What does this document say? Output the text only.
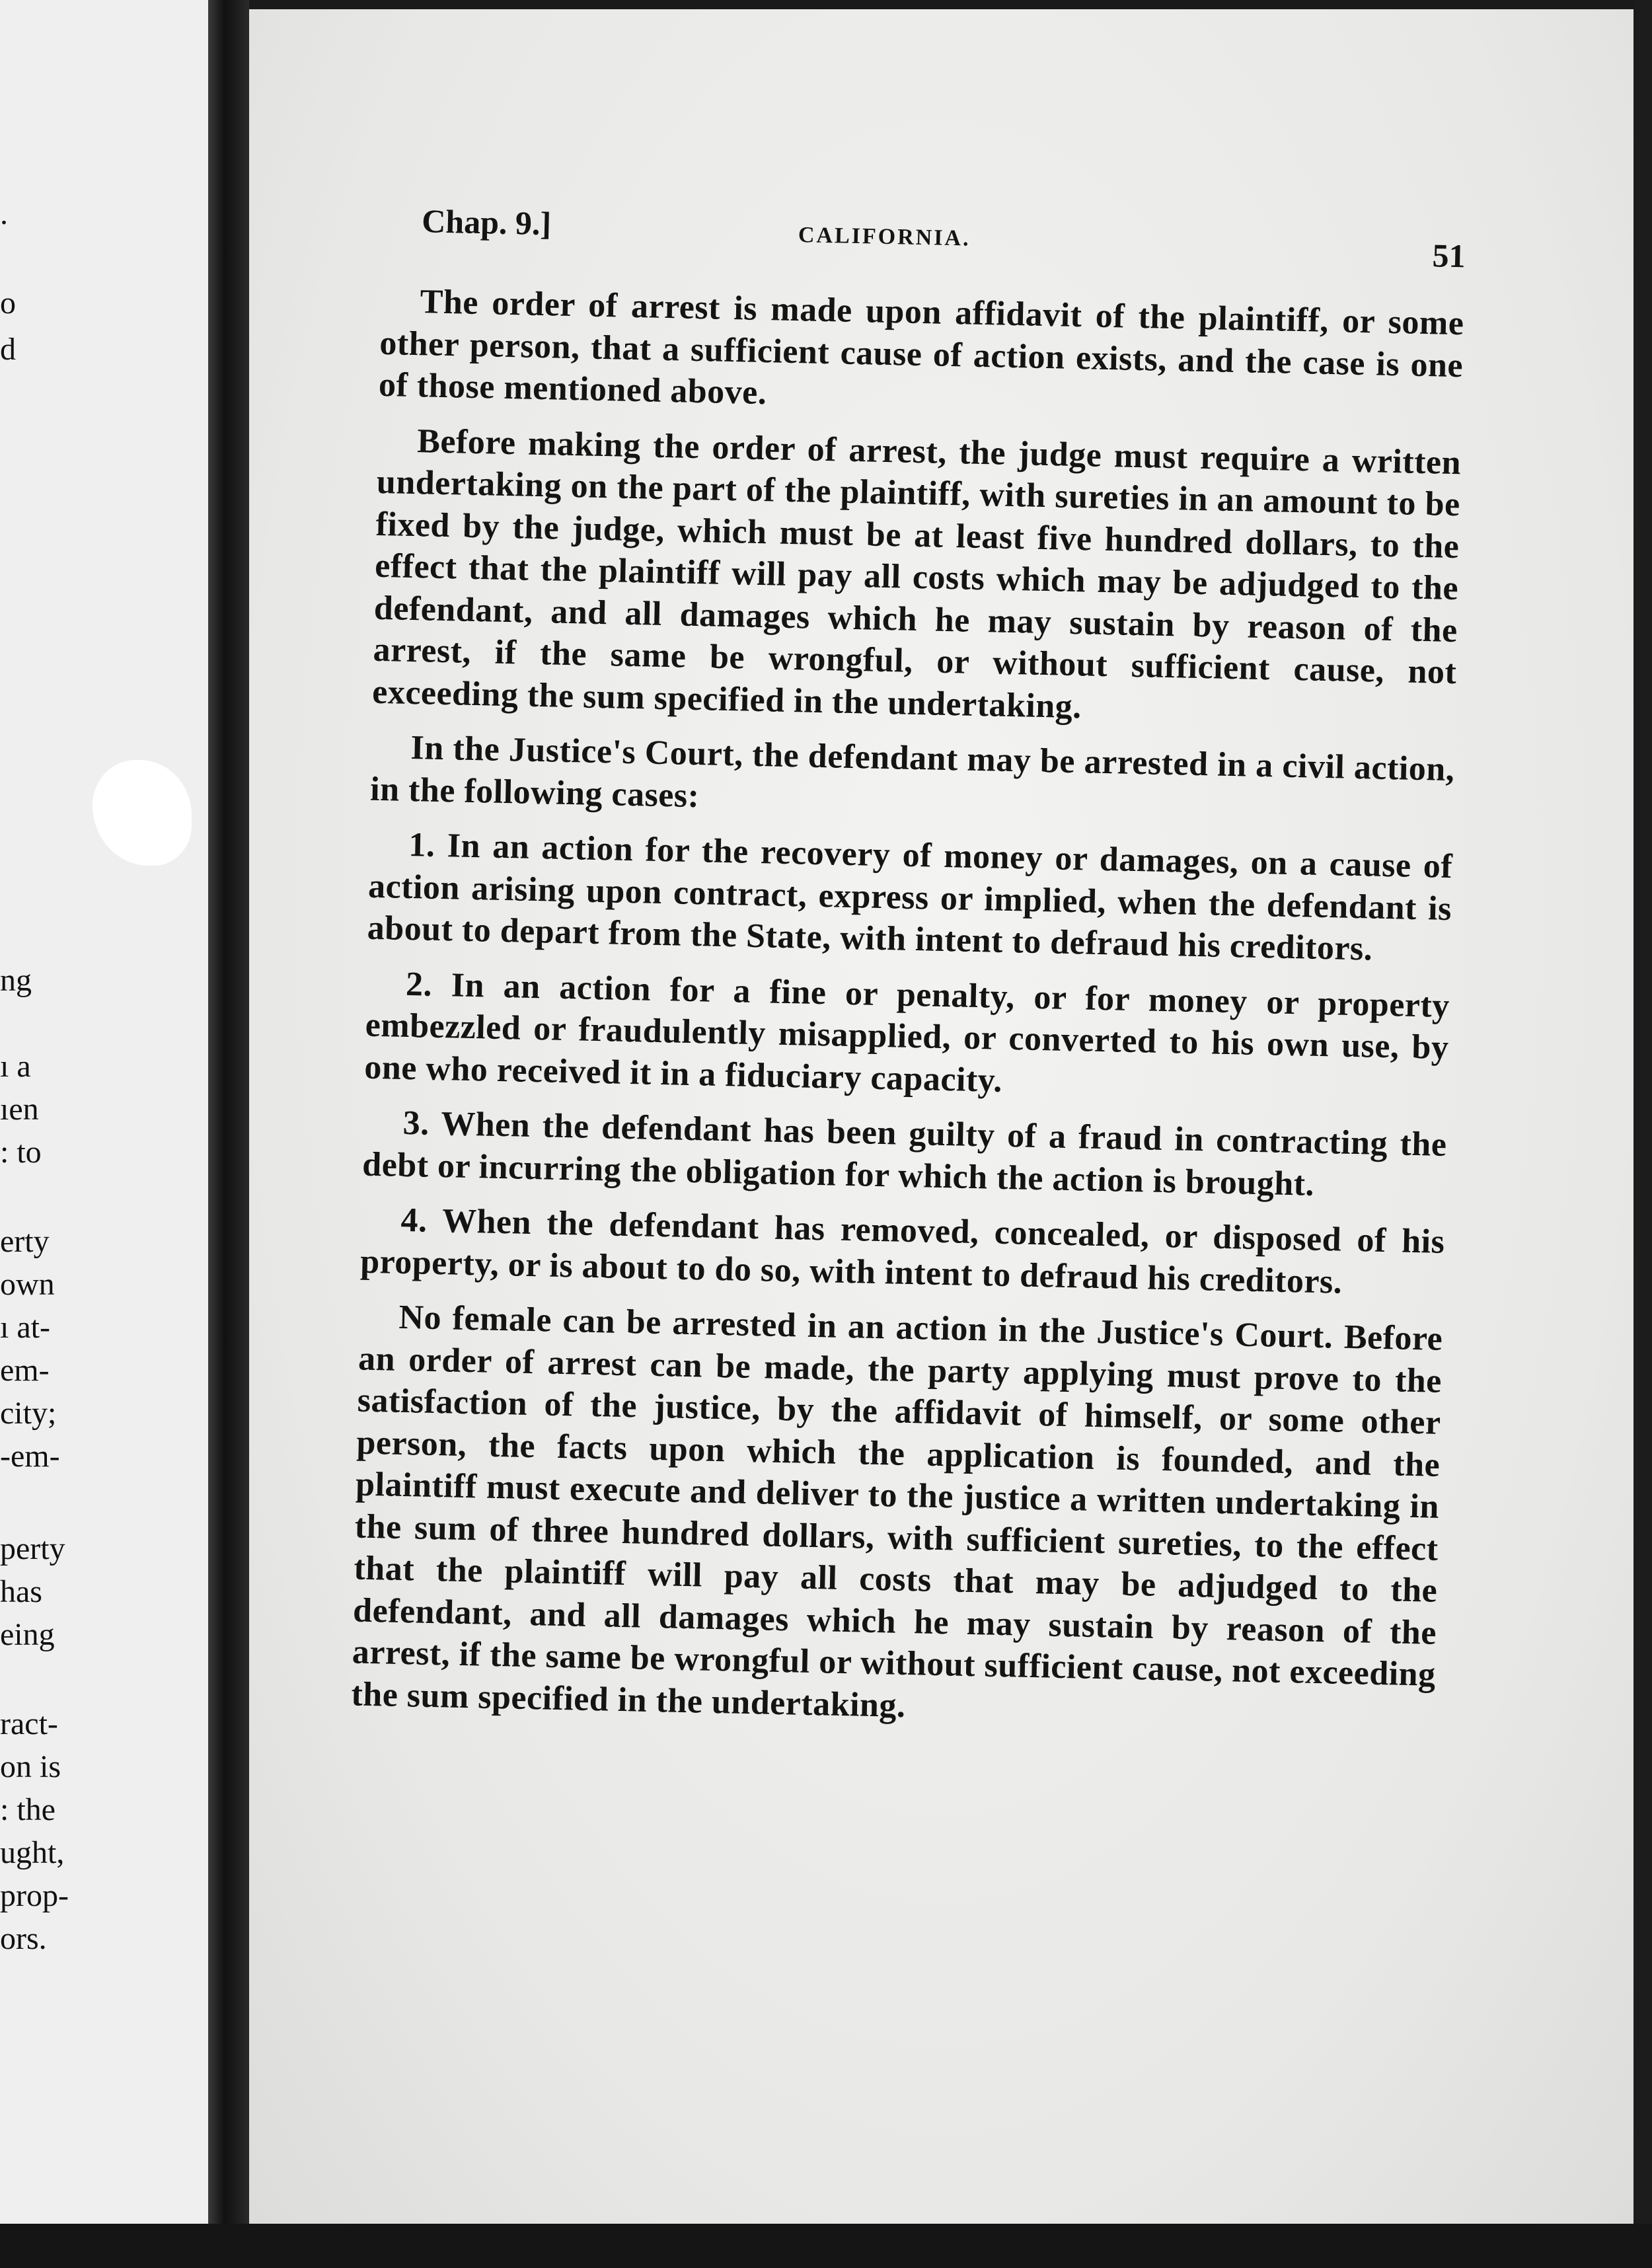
.
o
d
ng
ı a
ıen
: to
erty
own
ı at-
em-
city;
-em-
perty
has
eing
ract-
on is
: the
ught,
prop-
ors.
Chap. 9.]	CALIFORNIA.	51

The order of arrest is made upon affidavit of the plaintiff, or some other person, that a sufficient cause of action exists, and the case is one of those mentioned above.

Before making the order of arrest, the judge must require a written undertaking on the part of the plaintiff, with sureties in an amount to be fixed by the judge, which must be at least five hundred dollars, to the effect that the plaintiff will pay all costs which may be adjudged to the defendant, and all damages which he may sustain by reason of the arrest, if the same be wrongful, or without sufficient cause, not exceeding the sum specified in the undertaking.

In the Justice's Court, the defendant may be arrested in a civil action, in the following cases:

1. In an action for the recovery of money or damages, on a cause of action arising upon contract, express or implied, when the defendant is about to depart from the State, with intent to defraud his creditors.

2. In an action for a fine or penalty, or for money or property embezzled or fraudulently misapplied, or converted to his own use, by one who received it in a fiduciary capacity.

3. When the defendant has been guilty of a fraud in contracting the debt or incurring the obligation for which the action is brought.

4. When the defendant has removed, concealed, or disposed of his property, or is about to do so, with intent to defraud his creditors.

No female can be arrested in an action in the Justice's Court. Before an order of arrest can be made, the party applying must prove to the satisfaction of the justice, by the affidavit of himself, or some other person, the facts upon which the application is founded, and the plaintiff must execute and deliver to the justice a written undertaking in the sum of three hundred dollars, with sufficient sureties, to the effect that the plaintiff will pay all costs that may be adjudged to the defendant, and all damages which he may sustain by reason of the arrest, if the same be wrongful or without sufficient cause, not exceeding the sum specified in the undertaking.
